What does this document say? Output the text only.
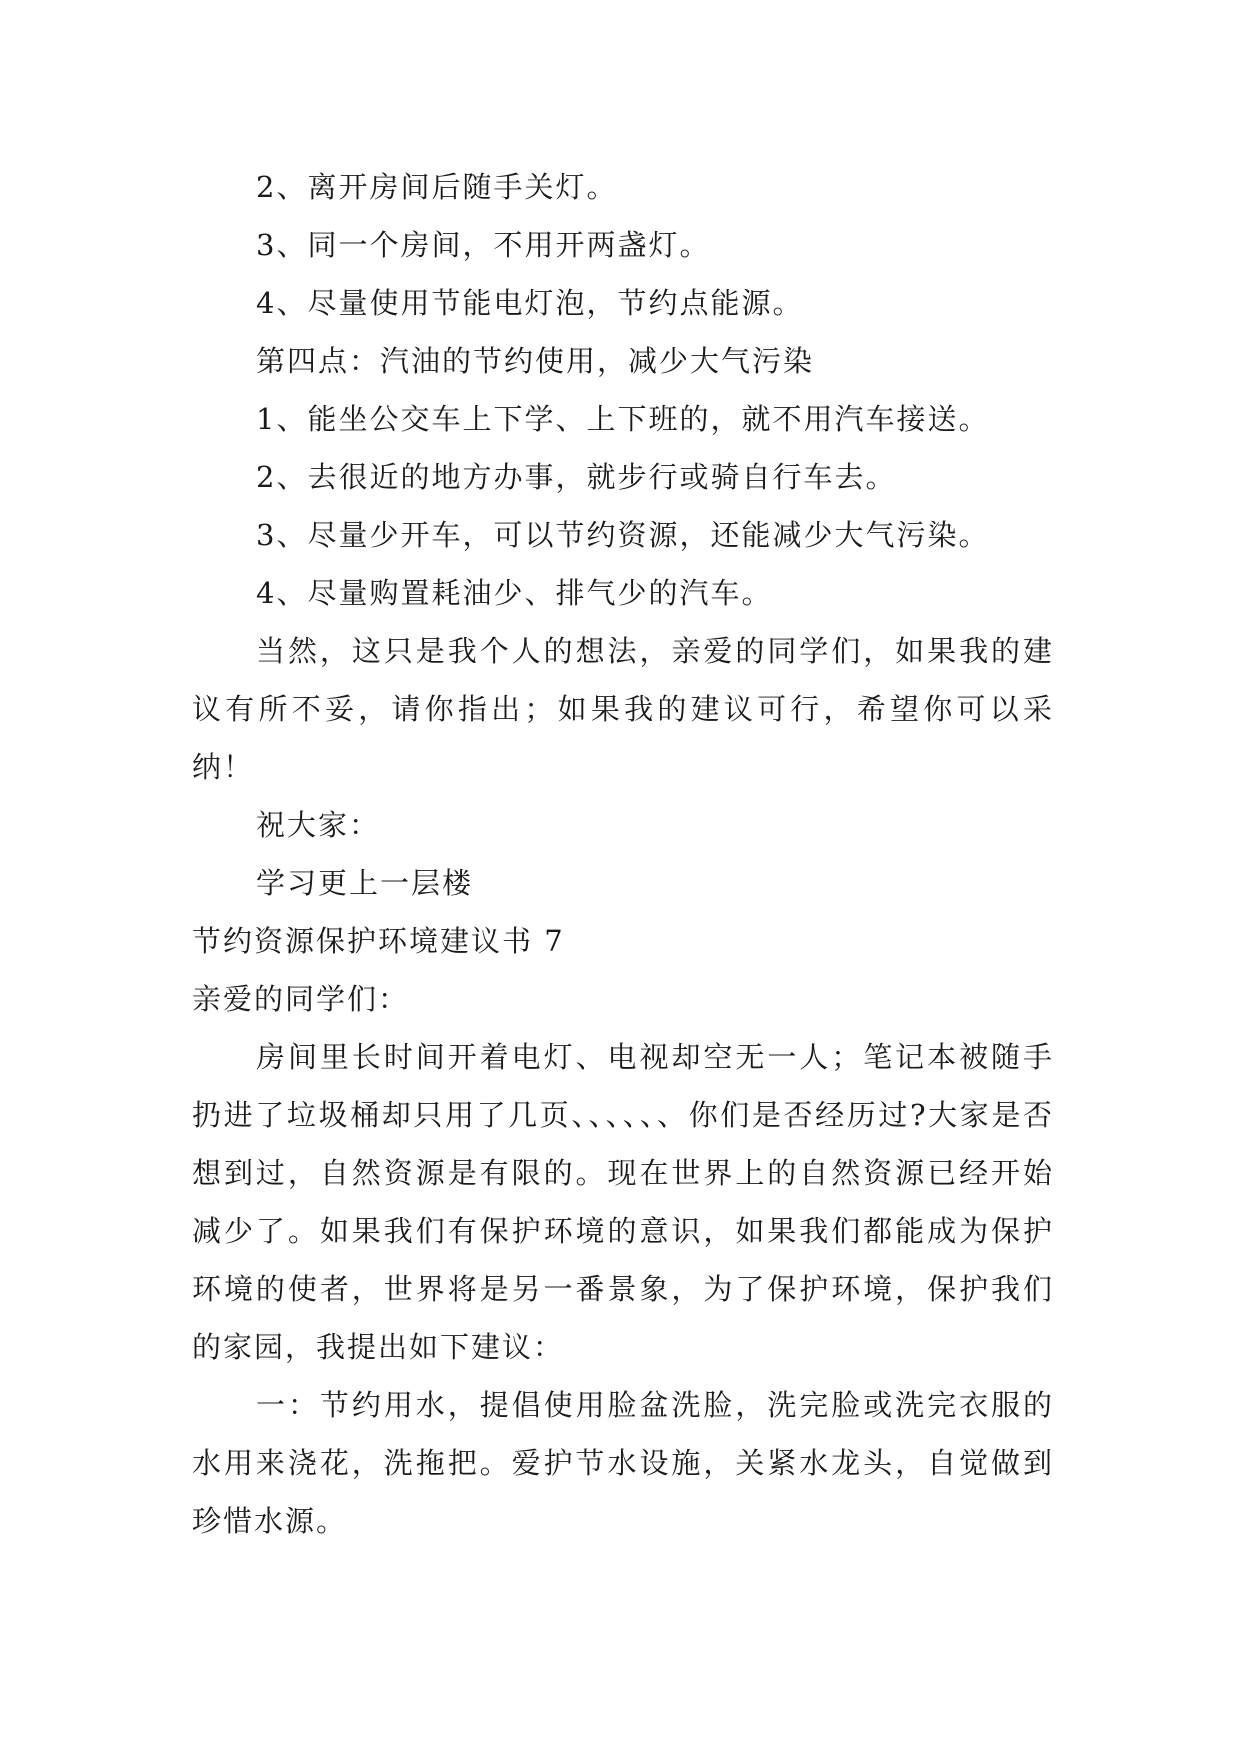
2、离开房间后随手关灯。
3、同一个房间，不用开两盏灯。
4、尽量使用节能电灯泡，节约点能源。
第四点：汽油的节约使用，减少大气污染
1、能坐公交车上下学、上下班的，就不用汽车接送。
2、去很近的地方办事，就步行或骑自行车去。
3、尽量少开车，可以节约资源，还能减少大气污染。
4、尽量购置耗油少、排气少的汽车。

当然，这只是我个人的想法，亲爱的同学们，如果我的建议有所不妥，请你指出；如果我的建议可行，希望你可以采纳！

祝大家：
学习更上一层楼
节约资源保护环境建议书 7
亲爱的同学们：

房间里长时间开着电灯、电视却空无一人；笔记本被随手扔进了垃圾桶却只用了几页、、、、、、你们是否经历过?大家是否想到过，自然资源是有限的。现在世界上的自然资源已经开始减少了。如果我们有保护环境的意识，如果我们都能成为保护环境的使者，世界将是另一番景象，为了保护环境，保护我们的家园，我提出如下建议：

一：节约用水，提倡使用脸盆洗脸，洗完脸或洗完衣服的水用来浇花，洗拖把。爱护节水设施，关紧水龙头，自觉做到珍惜水源。
